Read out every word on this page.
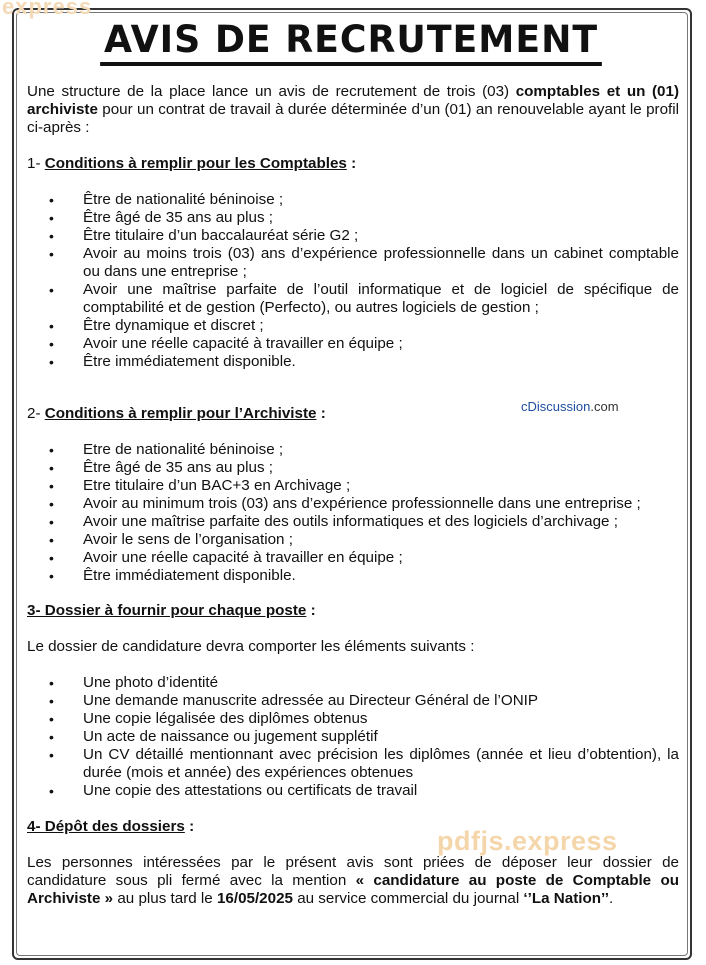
express
AVIS DE RECRUTEMENT

Une structure de la place lance un avis de recrutement de trois (03) comptables et un (01) archiviste pour un contrat de travail à durée déterminée d’un (01) an renouvelable ayant le profil ci-après :

1- Conditions à remplir pour les Comptables :
• Être de nationalité béninoise ;
• Être âgé de 35 ans au plus ;
• Être titulaire d’un baccalauréat série G2 ;
• Avoir au moins trois (03) ans d’expérience professionnelle dans un cabinet comptable ou dans une entreprise ;
• Avoir une maîtrise parfaite de l’outil informatique et de logiciel de spécifique de comptabilité et de gestion (Perfecto), ou autres logiciels de gestion ;
• Être dynamique et discret ;
• Avoir une réelle capacité à travailler en équipe ;
• Être immédiatement disponible.
2- Conditions à remplir pour l’Archiviste :
• Etre de nationalité béninoise ;
• Être âgé de 35 ans au plus ;
• Etre titulaire d’un BAC+3 en Archivage ;
• Avoir au minimum trois (03) ans d’expérience professionnelle dans une entreprise ;
• Avoir une maîtrise parfaite des outils informatiques et des logiciels d’archivage ;
• Avoir le sens de l’organisation ;
• Avoir une réelle capacité à travailler en équipe ;
• Être immédiatement disponible.
3- Dossier à fournir pour chaque poste :

Le dossier de candidature devra comporter les éléments suivants :

• Une photo d’identité
• Une demande manuscrite adressée au Directeur Général de l’ONIP
• Une copie légalisée des diplômes obtenus
• Un acte de naissance ou jugement supplétif
• Un CV détaillé mentionnant avec précision les diplômes (année et lieu d’obtention), la durée (mois et année) des expériences obtenues
• Une copie des attestations ou certificats de travail
4- Dépôt des dossiers :

Les personnes intéressées par le présent avis sont priées de déposer leur dossier de candidature sous pli fermé avec la mention « candidature au poste de Comptable ou Archiviste » au plus tard le 16/05/2025 au service commercial du journal ‘’La Nation’’.

cDiscussion.com
pdfjs.express
